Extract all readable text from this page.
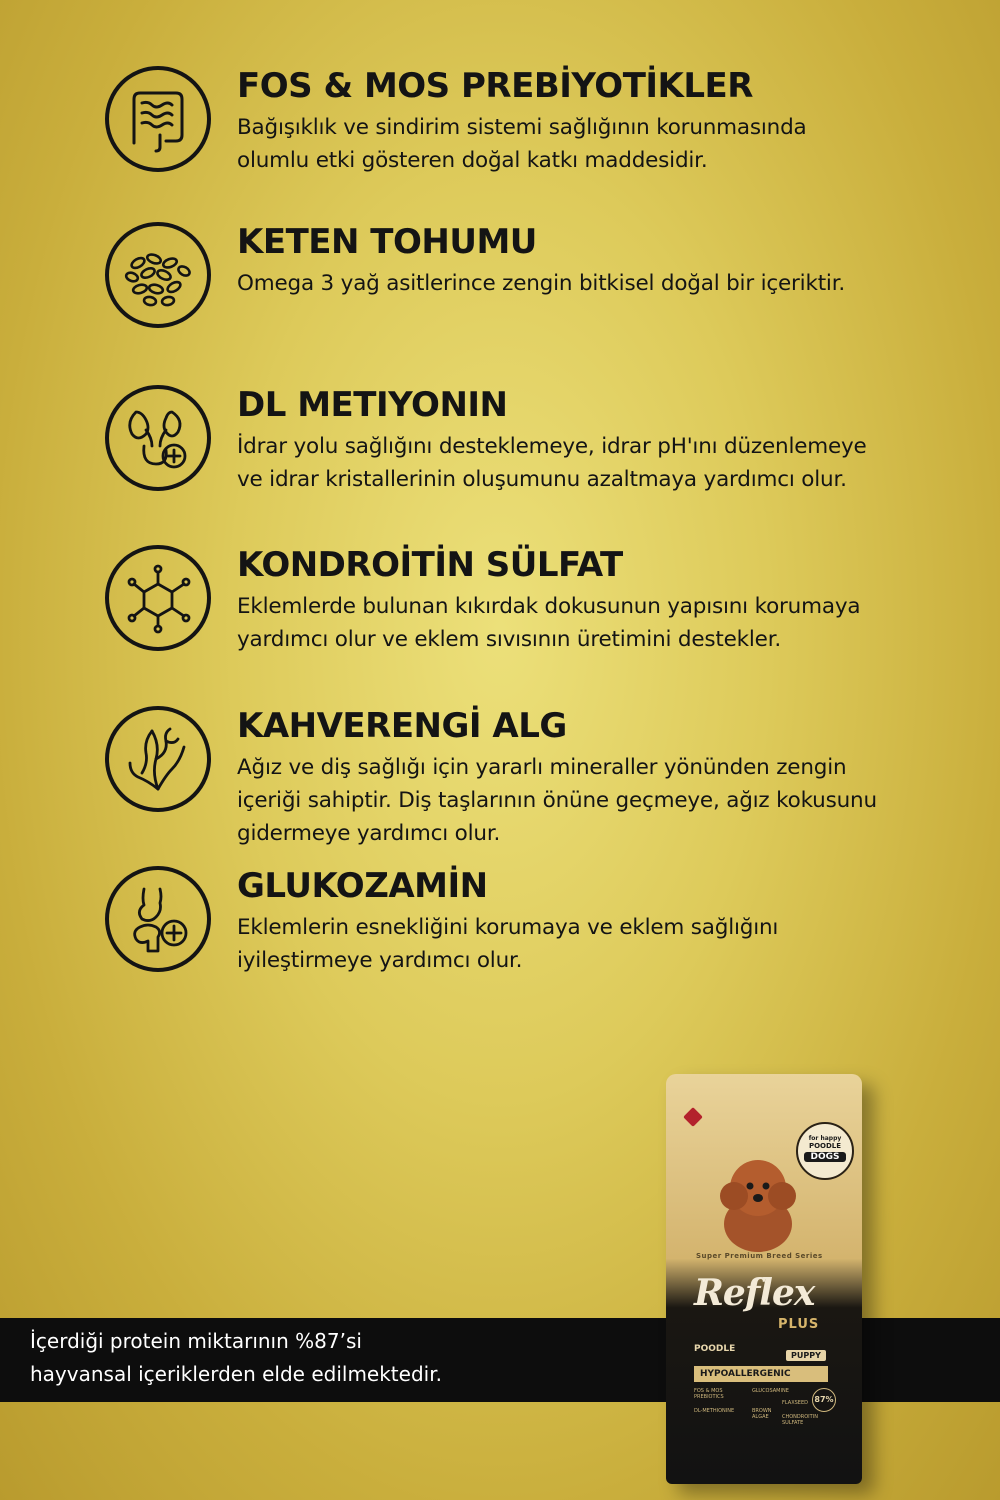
FOS & MOS PREBİYOTİKLER
Bağışıklık ve sindirim sistemi sağlığının korunmasında
olumlu etki gösteren doğal katkı maddesidir.
KETEN TOHUMU
Omega 3 yağ asitlerince zengin bitkisel doğal bir içeriktir.
DL METIYONIN
İdrar yolu sağlığını desteklemeye, idrar pH'ını düzenlemeye
ve idrar kristallerinin oluşumunu azaltmaya yardımcı olur.
KONDROİTİN SÜLFAT
Eklemlerde bulunan kıkırdak dokusunun yapısını korumaya
yardımcı olur ve eklem sıvısının üretimini destekler.
KAHVERENGİ ALG
Ağız ve diş sağlığı için yararlı mineraller yönünden zengin
içeriği sahiptir. Diş taşlarının önüne geçmeye, ağız kokusunu
gidermeye yardımcı olur.
GLUKOZAMİN
Eklemlerin esnekliğini korumaya ve eklem sağlığını
iyileştirmeye yardımcı olur.
İçerdiği protein miktarının %87’si
hayvansal içeriklerden elde edilmektedir.
for happy
POODLE
DOGS
Super Premium Breed Series
Reflex
PLUS
POODLE
PUPPY
HYPOALLERGENIC
FOS & MOS PREBIOTICS
GLUCOSAMINE
FLAXSEED
DL-METHIONINE	BROWN ALGAE	CHONDROITIN SULFATE
87%
